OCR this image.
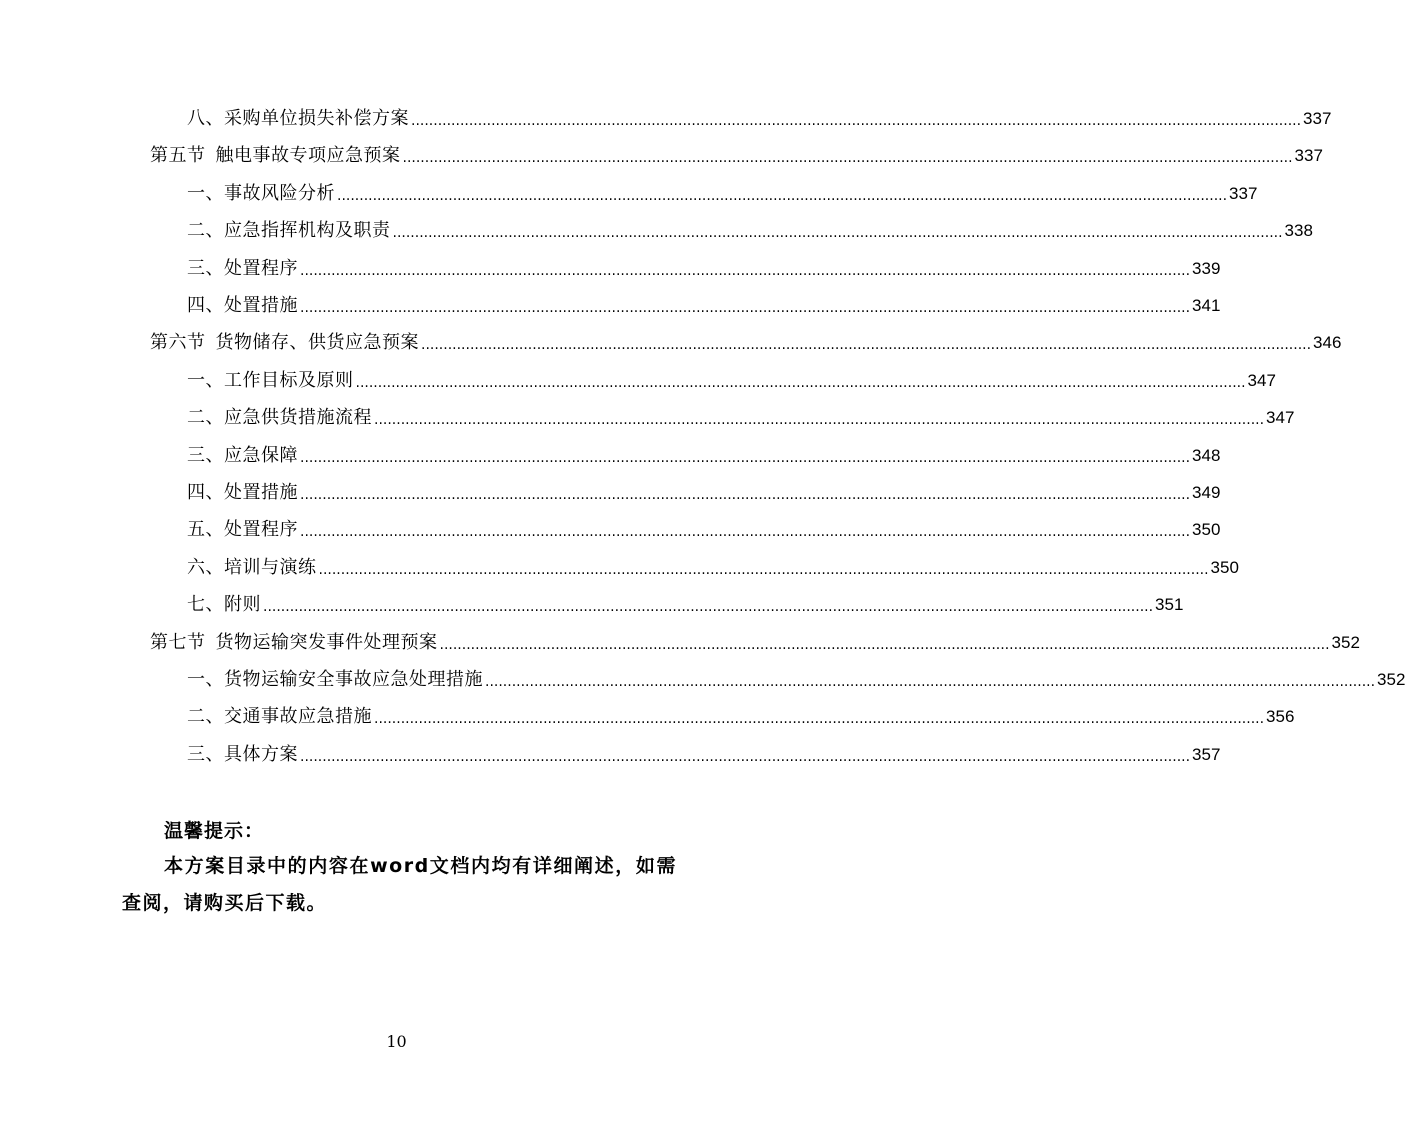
八、采购单位损失补偿方案 ........................................................................................................................................................................................................ 337
第五节 触电事故专项应急预案 ........................................................................................................................................................................................................ 337
一、事故风险分析 ........................................................................................................................................................................................................ 337
二、应急指挥机构及职责 ........................................................................................................................................................................................................ 338
三、处置程序 ........................................................................................................................................................................................................ 339
四、处置措施 ........................................................................................................................................................................................................ 341
第六节 货物储存、供货应急预案 ........................................................................................................................................................................................................ 346
一、工作目标及原则 ........................................................................................................................................................................................................ 347
二、应急供货措施流程 ........................................................................................................................................................................................................ 347
三、应急保障 ........................................................................................................................................................................................................ 348
四、处置措施 ........................................................................................................................................................................................................ 349
五、处置程序 ........................................................................................................................................................................................................ 350
六、培训与演练 ........................................................................................................................................................................................................ 350
七、附则 ........................................................................................................................................................................................................ 351
第七节 货物运输突发事件处理预案 ........................................................................................................................................................................................................ 352
一、货物运输安全事故应急处理措施 ........................................................................................................................................................................................................ 352
二、交通事故应急措施 ........................................................................................................................................................................................................ 356
三、具体方案 ........................................................................................................................................................................................................ 357
温馨提示：
本方案目录中的内容在word文档内均有详细阐述，如需查阅，请购买后下载。
10
